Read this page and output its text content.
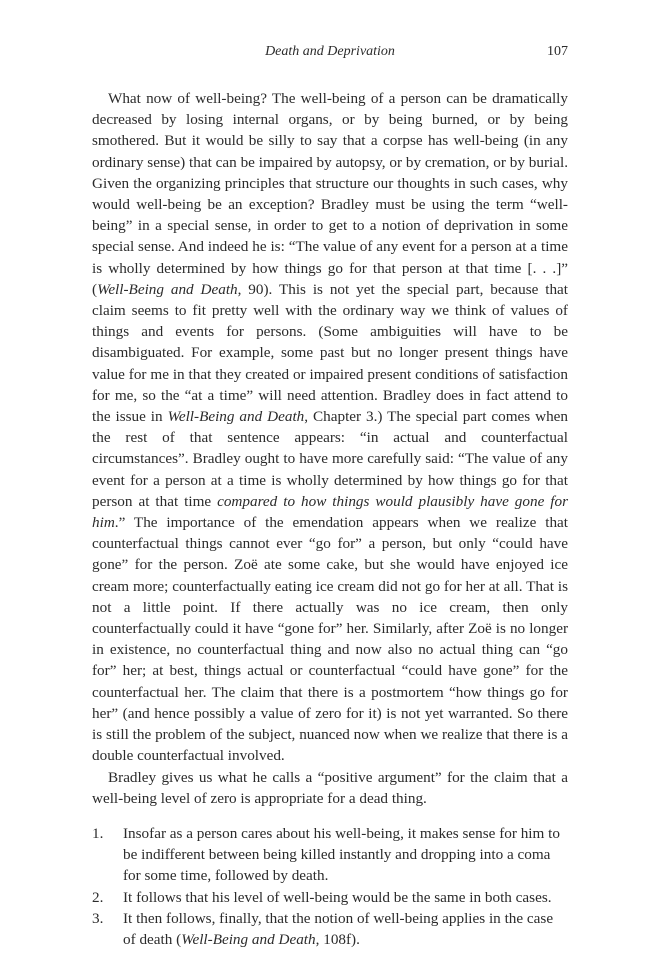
Death and Deprivation	107

What now of well-being? The well-being of a person can be dramatically decreased by losing internal organs, or by being burned, or by being smothered. But it would be silly to say that a corpse has well-being (in any ordinary sense) that can be impaired by autopsy, or by cremation, or by burial. Given the organizing principles that structure our thoughts in such cases, why would well-being be an exception? Bradley must be using the term “well-being” in a special sense, in order to get to a notion of deprivation in some special sense. And indeed he is: “The value of any event for a person at a time is wholly determined by how things go for that person at that time [. . .]” (Well-Being and Death, 90). This is not yet the special part, because that claim seems to fit pretty well with the ordinary way we think of values of things and events for persons. (Some ambiguities will have to be disambiguated. For example, some past but no longer present things have value for me in that they created or impaired present conditions of satisfaction for me, so the “at a time” will need attention. Bradley does in fact attend to the issue in Well-Being and Death, Chapter 3.) The special part comes when the rest of that sentence appears: “in actual and counterfactual circumstances”. Bradley ought to have more carefully said: “The value of any event for a person at a time is wholly determined by how things go for that person at that time compared to how things would plausibly have gone for him.” The importance of the emendation appears when we realize that counterfactual things cannot ever “go for” a person, but only “could have gone” for the person. Zoë ate some cake, but she would have enjoyed ice cream more; counterfactually eating ice cream did not go for her at all. That is not a little point. If there actually was no ice cream, then only counterfactually could it have “gone for” her. Similarly, after Zoë is no longer in existence, no counterfactual thing and now also no actual thing can “go for” her; at best, things actual or counterfactual “could have gone” for the counterfactual her. The claim that there is a postmortem “how things go for her” (and hence possibly a value of zero for it) is not yet warranted. So there is still the problem of the subject, nuanced now when we realize that there is a double counterfactual involved.

Bradley gives us what he calls a “positive argument” for the claim that a well-being level of zero is appropriate for a dead thing.

1. Insofar as a person cares about his well-being, it makes sense for him to be indifferent between being killed instantly and dropping into a coma for some time, followed by death.
2. It follows that his level of well-being would be the same in both cases.
3. It then follows, finally, that the notion of well-being applies in the case of death (Well-Being and Death, 108f).
